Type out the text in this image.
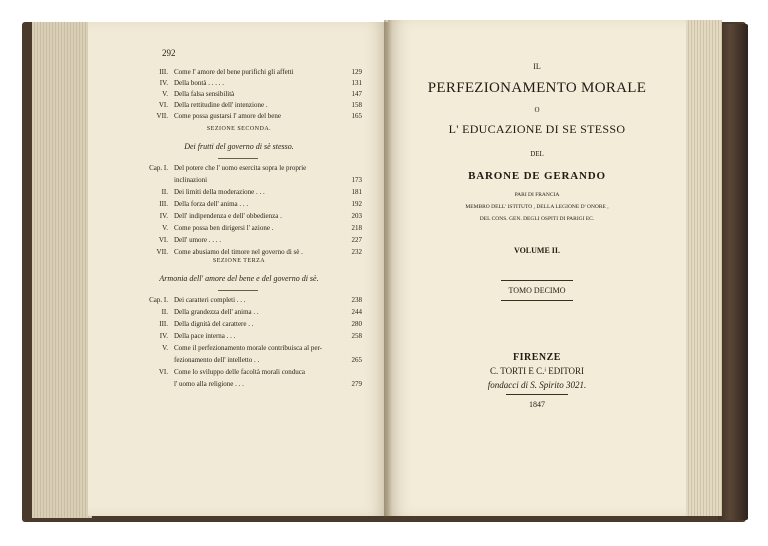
292
III. Come l' amore del bene purifichi gli affetti	129
IV. Della bontà . . . . .	131
V. Della falsa sensibilità	147
VI. Della rettitudine dell' intenzione .	158
VII. Come possa gustarsi l' amore del bene	165
SEZIONE SECONDA.
Dei frutti del governo di sè stesso.
Cap. I. Del potere che l' uomo esercita sopra le proprie
inclinazioni	173
II. Dei limiti della moderazione . . .	181
III. Della forza dell' anima . . .	192
IV. Dell' indipendenza e dell' obbedienza .	203
V. Come possa ben dirigersi l' azione .	218
VI. Dell' umore . . . .	227
VII. Come abusiamo del timore nel governo di sè .	232
SEZIONE TERZA
Armonia dell' amore del bene e del governo di sè.
Cap. I. Dei caratteri completi . . .	238
II. Della grandezza dell' anima . .	244
III. Della dignità del carattere . .	280
IV. Della pace interna . . .	258
V. Come il perfezionamento morale contribuisca al per-
fezionamento dell' intelletto . .	265
VI. Come lo sviluppo delle facoltà morali conduca
l' uomo alla religione . . .	279
IL
PERFEZIONAMENTO MORALE
O
L' EDUCAZIONE DI SE STESSO
DEL
BARONE DE GERANDO
PARI DI FRANCIA
MEMBRO DELL' ISTITUTO , DELLA LEGIONE D' ONORE ,
DEL CONS. GEN. DEGLI OSPITI DI PARIGI EC.
VOLUME II.
TOMO DECIMO
FIRENZE
C. TORTI E C.ⁱ EDITORI
fondacci di S. Spirito 3021.
1847
